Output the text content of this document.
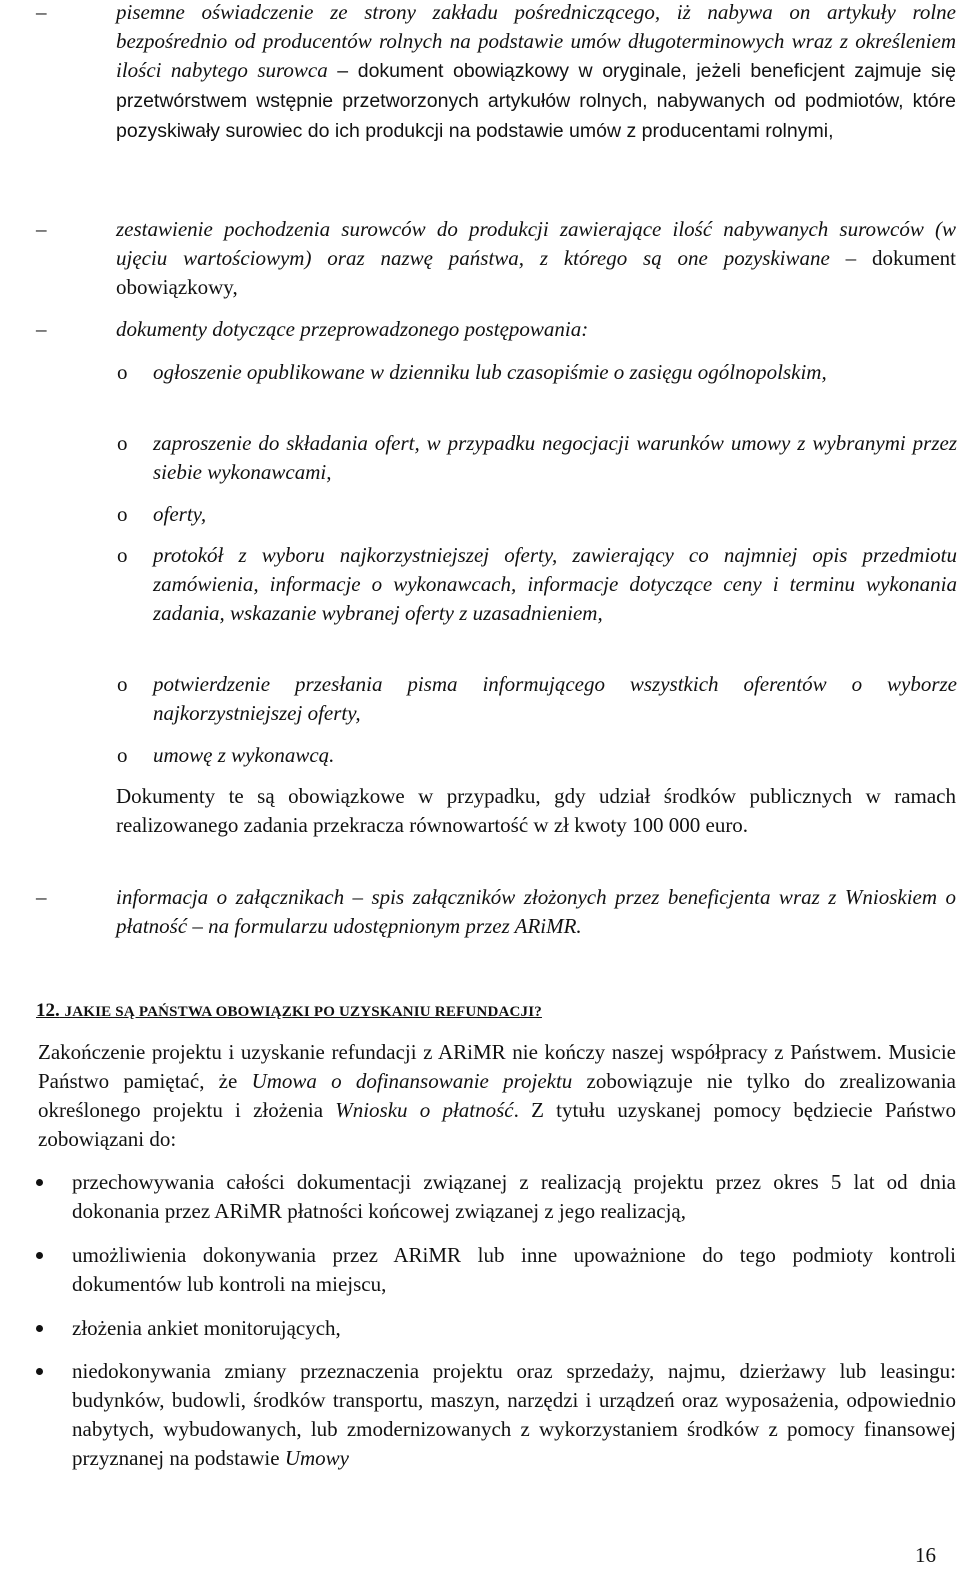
–	pisemne oświadczenie ze strony zakładu pośredniczącego, iż nabywa on artykuły rolne bezpośrednio od producentów rolnych na podstawie umów długoterminowych wraz z określeniem ilości nabytego surowca – dokument obowiązkowy w oryginale, jeżeli beneficjent zajmuje się przetwórstwem wstępnie przetworzonych artykułów rolnych, nabywanych od podmiotów, które pozyskiwały surowiec do ich produkcji na podstawie umów z producentami rolnymi,

–	zestawienie pochodzenia surowców do produkcji zawierające ilość nabywanych surowców (w ujęciu wartościowym) oraz nazwę państwa, z którego są one pozyskiwane – dokument obowiązkowy,

–	dokumenty dotyczące przeprowadzonego postępowania:

o ogłoszenie opublikowane w dzienniku lub czasopiśmie o zasięgu ogólnopolskim,

o zaproszenie do składania ofert, w przypadku negocjacji warunków umowy z wybranymi przez siebie wykonawcami,

o oferty,

o protokół z wyboru najkorzystniejszej oferty, zawierający co najmniej opis przedmiotu zamówienia, informacje o wykonawcach, informacje dotyczące ceny i terminu wykonania zadania, wskazanie wybranej oferty z uzasadnieniem,

o potwierdzenie przesłania pisma informującego wszystkich oferentów o wyborze najkorzystniejszej oferty,

o umowę z wykonawcą.

Dokumenty te są obowiązkowe w przypadku, gdy udział środków publicznych w ramach realizowanego zadania przekracza równowartość w zł kwoty 100 000 euro.

–	informacja o załącznikach – spis załączników złożonych przez beneficjenta wraz z Wnioskiem o płatność – na formularzu udostępnionym przez ARiMR.

12. JAKIE SĄ PAŃSTWA OBOWIĄZKI PO UZYSKANIU REFUNDACJI?

Zakończenie projektu i uzyskanie refundacji z ARiMR nie kończy naszej współpracy z Państwem. Musicie Państwo pamiętać, że Umowa o dofinansowanie projektu zobowiązuje nie tylko do zrealizowania określonego projektu i złożenia Wniosku o płatność. Z tytułu uzyskanej pomocy będziecie Państwo zobowiązani do:

przechowywania całości dokumentacji związanej z realizacją projektu przez okres 5 lat od dnia dokonania przez ARiMR płatności końcowej związanej z jego realizacją,

umożliwienia dokonywania przez ARiMR lub inne upoważnione do tego podmioty kontroli dokumentów lub kontroli na miejscu,

złożenia ankiet monitorujących,

niedokonywania zmiany przeznaczenia projektu oraz sprzedaży, najmu, dzierżawy lub leasingu: budynków, budowli, środków transportu, maszyn, narzędzi i urządzeń oraz wyposażenia, odpowiednio nabytych, wybudowanych, lub zmodernizowanych z wykorzystaniem środków z pomocy finansowej przyznanej na podstawie Umowy

16
